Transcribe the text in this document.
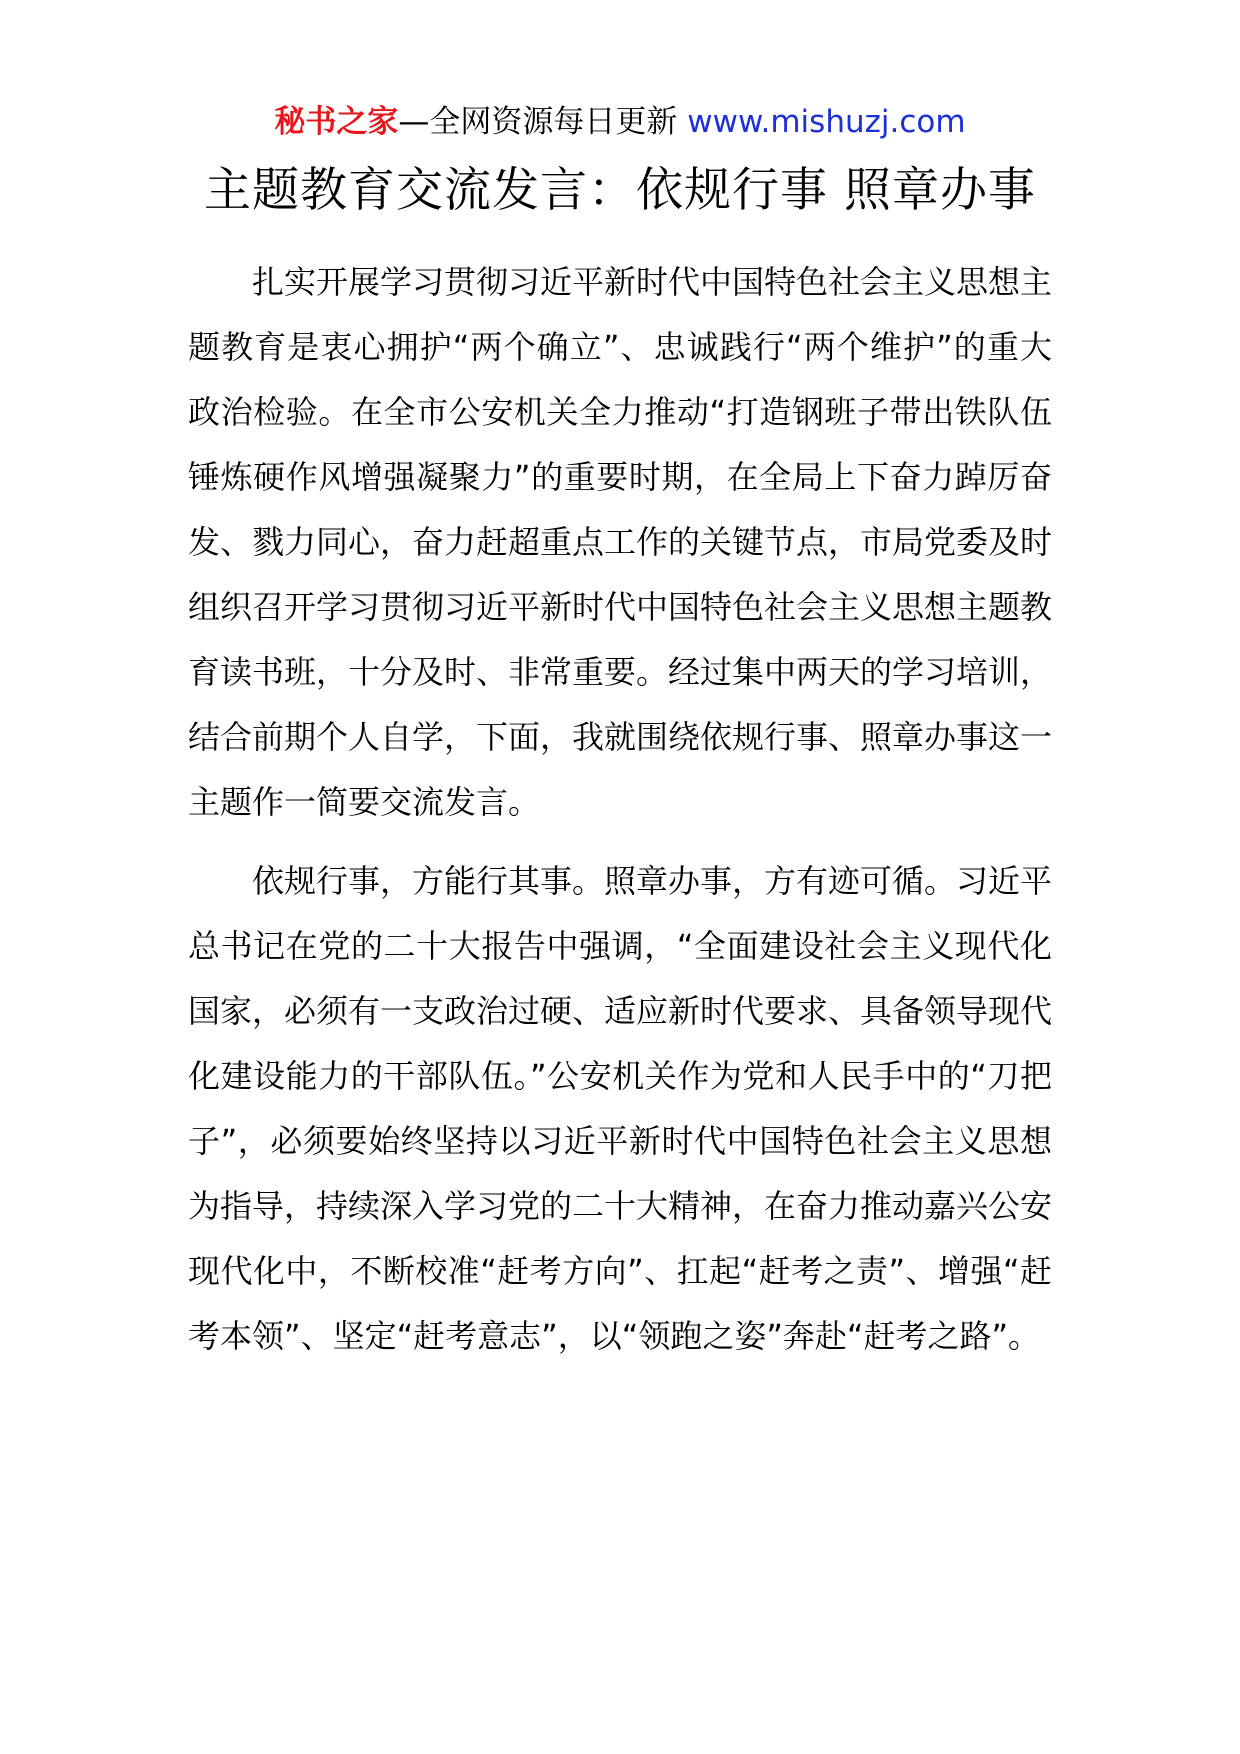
秘书之家—全网资源每日更新 www.mishuzj.com
主题教育交流发言：依规行事 照章办事

扎实开展学习贯彻习近平新时代中国特色社会主义思想主题教育是衷心拥护“两个确立”、忠诚践行“两个维护”的重大政治检验。在全市公安机关全力推动“打造钢班子带出铁队伍锤炼硬作风增强凝聚力”的重要时期，在全局上下奋力踔厉奋发、戮力同心，奋力赶超重点工作的关键节点，市局党委及时组织召开学习贯彻习近平新时代中国特色社会主义思想主题教育读书班，十分及时、非常重要。经过集中两天的学习培训，结合前期个人自学，下面，我就围绕依规行事、照章办事这一主题作一简要交流发言。

依规行事，方能行其事。照章办事，方有迹可循。习近平总书记在党的二十大报告中强调，“全面建设社会主义现代化国家，必须有一支政治过硬、适应新时代要求、具备领导现代化建设能力的干部队伍。”公安机关作为党和人民手中的“刀把子”，必须要始终坚持以习近平新时代中国特色社会主义思想为指导，持续深入学习党的二十大精神，在奋力推动嘉兴公安现代化中，不断校准“赶考方向”、扛起“赶考之责”、增强“赶考本领”、坚定“赶考意志”，以“领跑之姿”奔赴“赶考之路”。
